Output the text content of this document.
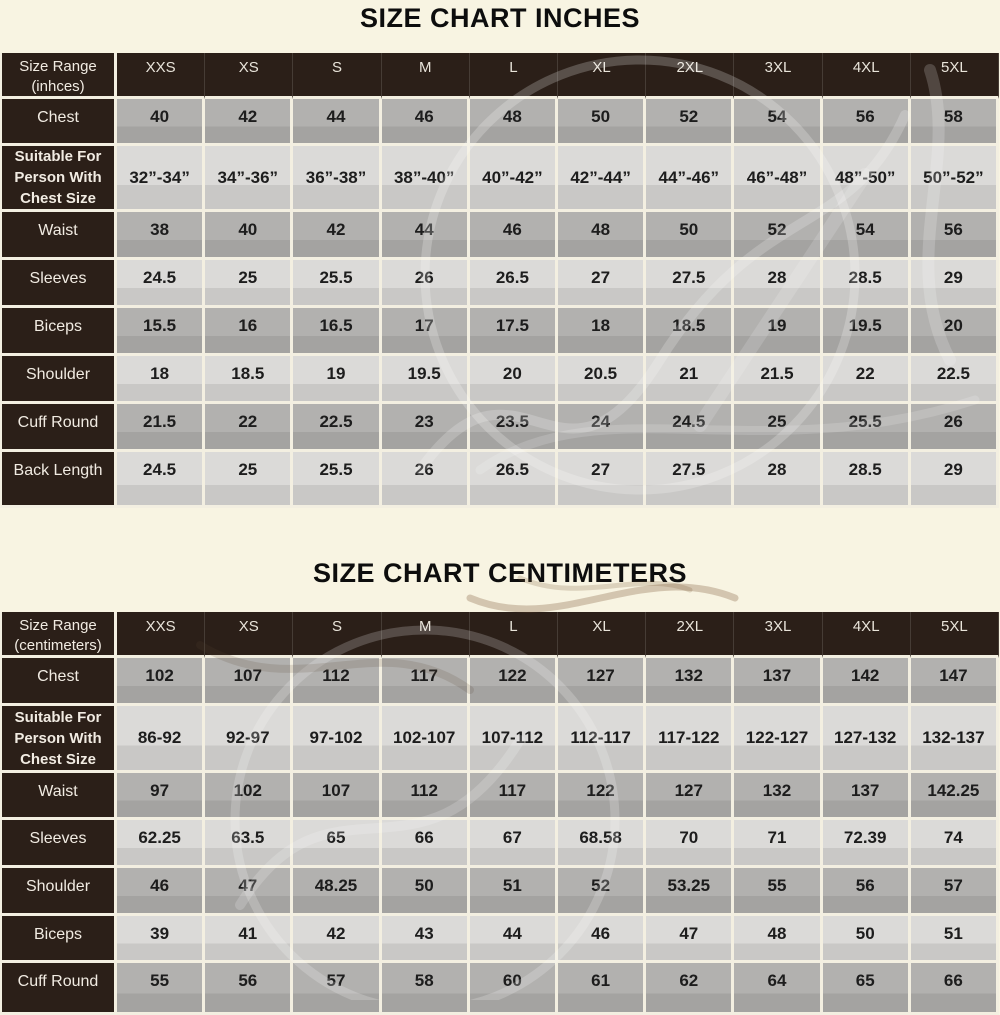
SIZE CHART INCHES
Size Range
(inhces)
XXS	XS	S	M	L	XL	2XL	3XL	4XL	5XL
Chest	40	42	44	46	48	50	52	54	56	58
Suitable For
Person With
Chest Size
32”-34”	34”-36”	36”-38”	38”-40”	40”-42”	42”-44”	44”-46”	46”-48”	48”-50”	50”-52”
Waist	38	40	42	44	46	48	50	52	54	56
Sleeves	24.5	25	25.5	26	26.5	27	27.5	28	28.5	29
Biceps	15.5	16	16.5	17	17.5	18	18.5	19	19.5	20
Shoulder	18	18.5	19	19.5	20	20.5	21	21.5	22	22.5
Cuff Round	21.5	22	22.5	23	23.5	24	24.5	25	25.5	26
Back Length	24.5	25	25.5	26	26.5	27	27.5	28	28.5	29
SIZE CHART CENTIMETERS
Size Range
(centimeters)
XXS	XS	S	M	L	XL	2XL	3XL	4XL	5XL
Chest	102	107	112	117	122	127	132	137	142	147
Suitable For
Person With
Chest Size
86-92	92-97	97-102	102-107	107-112	112-117	117-122	122-127	127-132	132-137
Waist	97	102	107	112	117	122	127	132	137	142.25
Sleeves	62.25	63.5	65	66	67	68.58	70	71	72.39	74
Shoulder	46	47	48.25	50	51	52	53.25	55	56	57
Biceps	39	41	42	43	44	46	47	48	50	51
Cuff Round	55	56	57	58	60	61	62	64	65	66
